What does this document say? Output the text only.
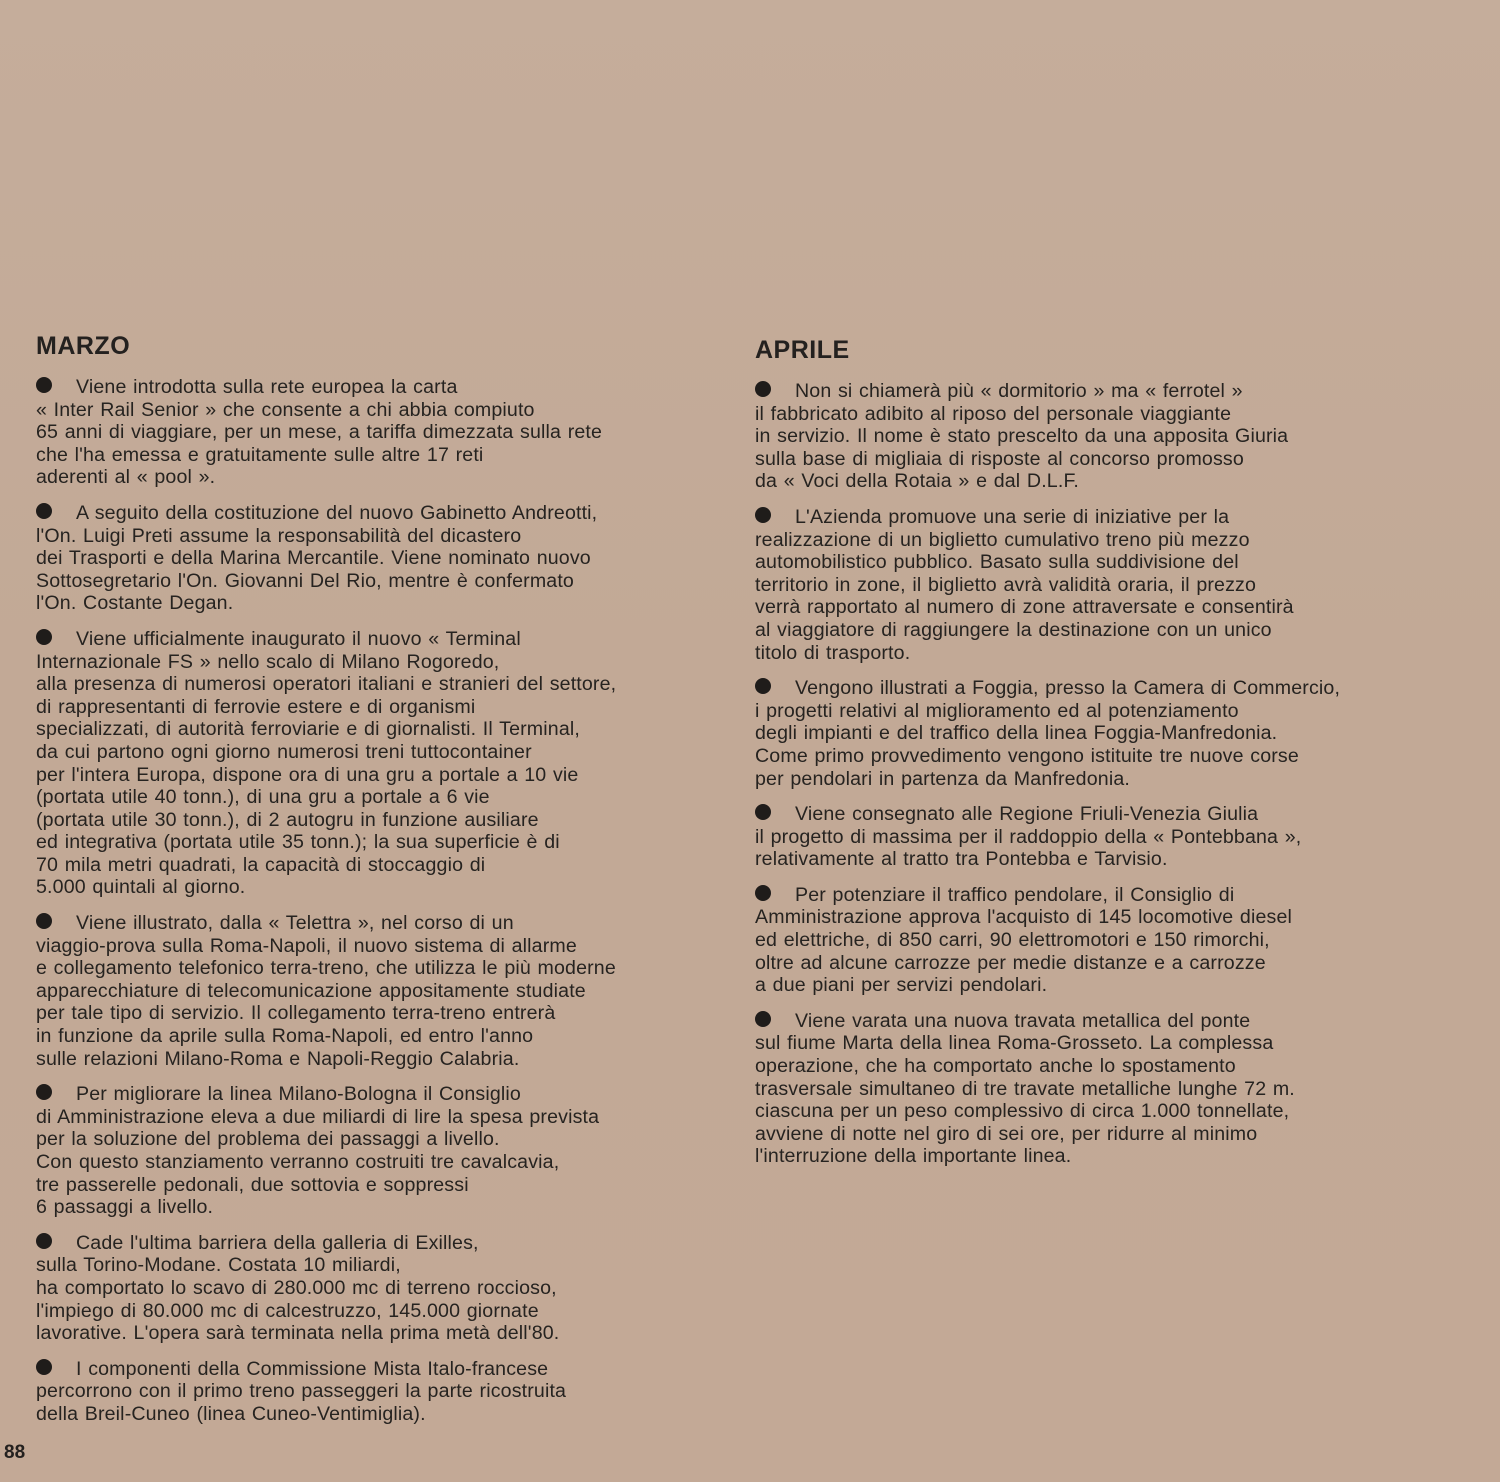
MARZO

Viene introdotta sulla rete europea la carta
« Inter Rail Senior » che consente a chi abbia compiuto
65 anni di viaggiare, per un mese, a tariffa dimezzata sulla rete
che l'ha emessa e gratuitamente sulle altre 17 reti
aderenti al « pool ».

A seguito della costituzione del nuovo Gabinetto Andreotti,
l'On. Luigi Preti assume la responsabilità del dicastero
dei Trasporti e della Marina Mercantile. Viene nominato nuovo
Sottosegretario l'On. Giovanni Del Rio, mentre è confermato
l'On. Costante Degan.

Viene ufficialmente inaugurato il nuovo « Terminal
Internazionale FS » nello scalo di Milano Rogoredo,
alla presenza di numerosi operatori italiani e stranieri del settore,
di rappresentanti di ferrovie estere e di organismi
specializzati, di autorità ferroviarie e di giornalisti. Il Terminal,
da cui partono ogni giorno numerosi treni tuttocontainer
per l'intera Europa, dispone ora di una gru a portale a 10 vie
(portata utile 40 tonn.), di una gru a portale a 6 vie
(portata utile 30 tonn.), di 2 autogru in funzione ausiliare
ed integrativa (portata utile 35 tonn.); la sua superficie è di
70 mila metri quadrati, la capacità di stoccaggio di
5.000 quintali al giorno.

Viene illustrato, dalla « Telettra », nel corso di un
viaggio-prova sulla Roma-Napoli, il nuovo sistema di allarme
e collegamento telefonico terra-treno, che utilizza le più moderne
apparecchiature di telecomunicazione appositamente studiate
per tale tipo di servizio. Il collegamento terra-treno entrerà
in funzione da aprile sulla Roma-Napoli, ed entro l'anno
sulle relazioni Milano-Roma e Napoli-Reggio Calabria.

Per migliorare la linea Milano-Bologna il Consiglio
di Amministrazione eleva a due miliardi di lire la spesa prevista
per la soluzione del problema dei passaggi a livello.
Con questo stanziamento verranno costruiti tre cavalcavia,
tre passerelle pedonali, due sottovia e soppressi
6 passaggi a livello.

Cade l'ultima barriera della galleria di Exilles,
sulla Torino-Modane. Costata 10 miliardi,
ha comportato lo scavo di 280.000 mc di terreno roccioso,
l'impiego di 80.000 mc di calcestruzzo, 145.000 giornate
lavorative. L'opera sarà terminata nella prima metà dell'80.

I componenti della Commissione Mista Italo-francese
percorrono con il primo treno passeggeri la parte ricostruita
della Breil-Cuneo (linea Cuneo-Ventimiglia).

APRILE

Non si chiamerà più « dormitorio » ma « ferrotel »
il fabbricato adibito al riposo del personale viaggiante
in servizio. Il nome è stato prescelto da una apposita Giuria
sulla base di migliaia di risposte al concorso promosso
da « Voci della Rotaia » e dal D.L.F.

L'Azienda promuove una serie di iniziative per la
realizzazione di un biglietto cumulativo treno più mezzo
automobilistico pubblico. Basato sulla suddivisione del
territorio in zone, il biglietto avrà validità oraria, il prezzo
verrà rapportato al numero di zone attraversate e consentirà
al viaggiatore di raggiungere la destinazione con un unico
titolo di trasporto.

Vengono illustrati a Foggia, presso la Camera di Commercio,
i progetti relativi al miglioramento ed al potenziamento
degli impianti e del traffico della linea Foggia-Manfredonia.
Come primo provvedimento vengono istituite tre nuove corse
per pendolari in partenza da Manfredonia.

Viene consegnato alle Regione Friuli-Venezia Giulia
il progetto di massima per il raddoppio della « Pontebbana »,
relativamente al tratto tra Pontebba e Tarvisio.

Per potenziare il traffico pendolare, il Consiglio di
Amministrazione approva l'acquisto di 145 locomotive diesel
ed elettriche, di 850 carri, 90 elettromotori e 150 rimorchi,
oltre ad alcune carrozze per medie distanze e a carrozze
a due piani per servizi pendolari.

Viene varata una nuova travata metallica del ponte
sul fiume Marta della linea Roma-Grosseto. La complessa
operazione, che ha comportato anche lo spostamento
trasversale simultaneo di tre travate metalliche lunghe 72 m.
ciascuna per un peso complessivo di circa 1.000 tonnellate,
avviene di notte nel giro di sei ore, per ridurre al minimo
l'interruzione della importante linea.

88
